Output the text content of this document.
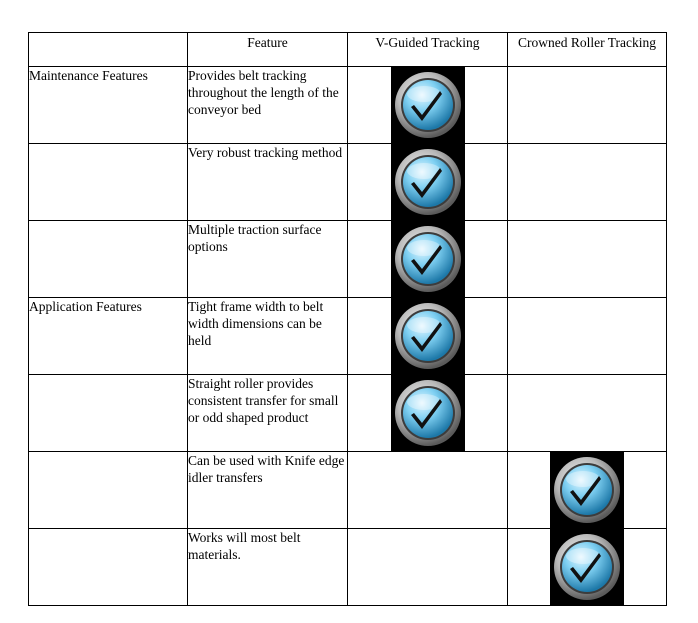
	Feature	V-Guided Tracking	Crowned Roller Tracking
Maintenance Features	Provides belt tracking throughout the length of the conveyor bed	

	Very robust tracking method	

	Multiple traction surface options	

Application Features	Tight frame width to belt width dimensions can be held	

	Straight roller provides consistent transfer for small or odd shaped product	

	Can be used with Knife edge idler transfers		

	Works will most belt materials.		
